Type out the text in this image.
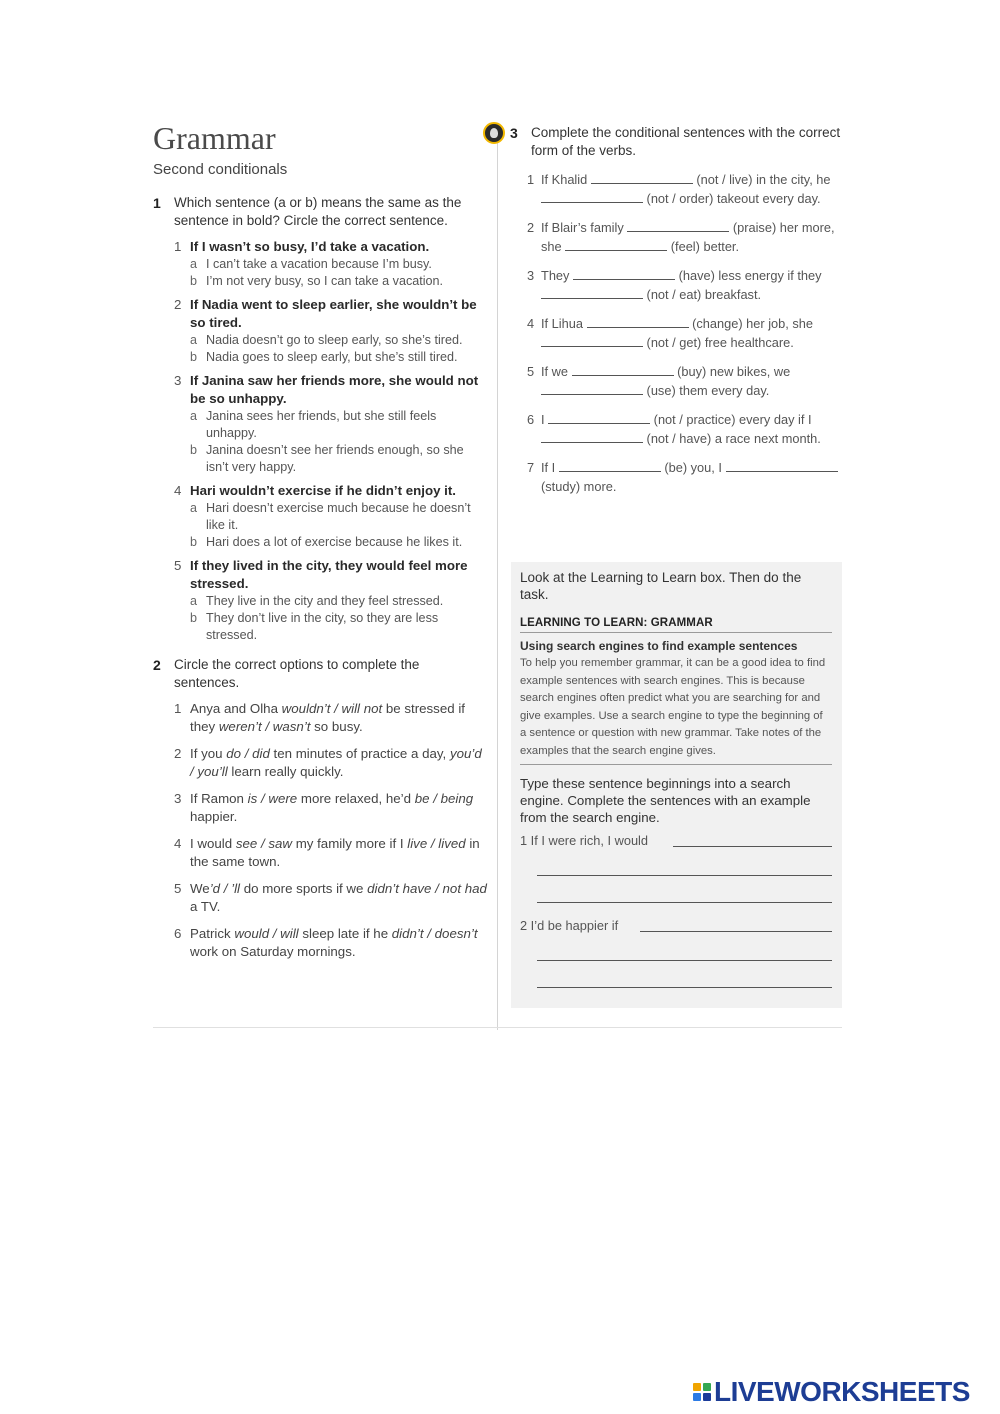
Grammar
Second conditionals
1 Which sentence (a or b) means the same as the sentence in bold? Circle the correct sentence.
1 If I wasn’t so busy, I’d take a vacation.
a I can’t take a vacation because I’m busy.
b I’m not very busy, so I can take a vacation.
2 If Nadia went to sleep earlier, she wouldn’t be so tired.
a Nadia doesn’t go to sleep early, so she’s tired.
b Nadia goes to sleep early, but she’s still tired.
3 If Janina saw her friends more, she would not be so unhappy.
a Janina sees her friends, but she still feels unhappy.
b Janina doesn’t see her friends enough, so she isn’t very happy.
4 Hari wouldn’t exercise if he didn’t enjoy it.
a Hari doesn’t exercise much because he doesn’t like it.
b Hari does a lot of exercise because he likes it.
5 If they lived in the city, they would feel more stressed.
a They live in the city and they feel stressed.
b They don’t live in the city, so they are less stressed.
2 Circle the correct options to complete the sentences.
1 Anya and Olha wouldn’t / will not be stressed if they weren’t / wasn’t so busy.
2 If you do / did ten minutes of practice a day, you’d / you’ll learn really quickly.
3 If Ramon is / were more relaxed, he’d be / being happier.
4 I would see / saw my family more if I live / lived in the same town.
5 We’d / ’ll do more sports if we didn’t have / not had a TV.
6 Patrick would / will sleep late if he didn’t / doesn’t work on Saturday mornings.
3 Complete the conditional sentences with the correct form of the verbs.
1 If Khalid	(not / live) in the city, he  (not / order) takeout every day.
2 If Blair’s family	(praise) her more, she	(feel) better.
3 They	(have) less energy if they  (not / eat) breakfast.
4 If Lihua	(change) her job, she  (not / get) free healthcare.
5 If we	(buy) new bikes, we  (use) them every day.
6 I	(not / practice) every day if I  (not / have) a race next month.
7 If I	(be) you, I  (study) more.
Look at the Learning to Learn box. Then do the task.
LEARNING TO LEARN: GRAMMAR
Using search engines to find example sentences
To help you remember grammar, it can be a good idea to find example sentences with search engines. This is because search engines often predict what you are searching for and give examples. Use a search engine to type the beginning of a sentence or question with new grammar. Take notes of the examples that the search engine gives.
Type these sentence beginnings into a search engine. Complete the sentences with an example from the search engine.
1 If I were rich, I would
2 I’d be happier if
LIVEWORKSHEETS
